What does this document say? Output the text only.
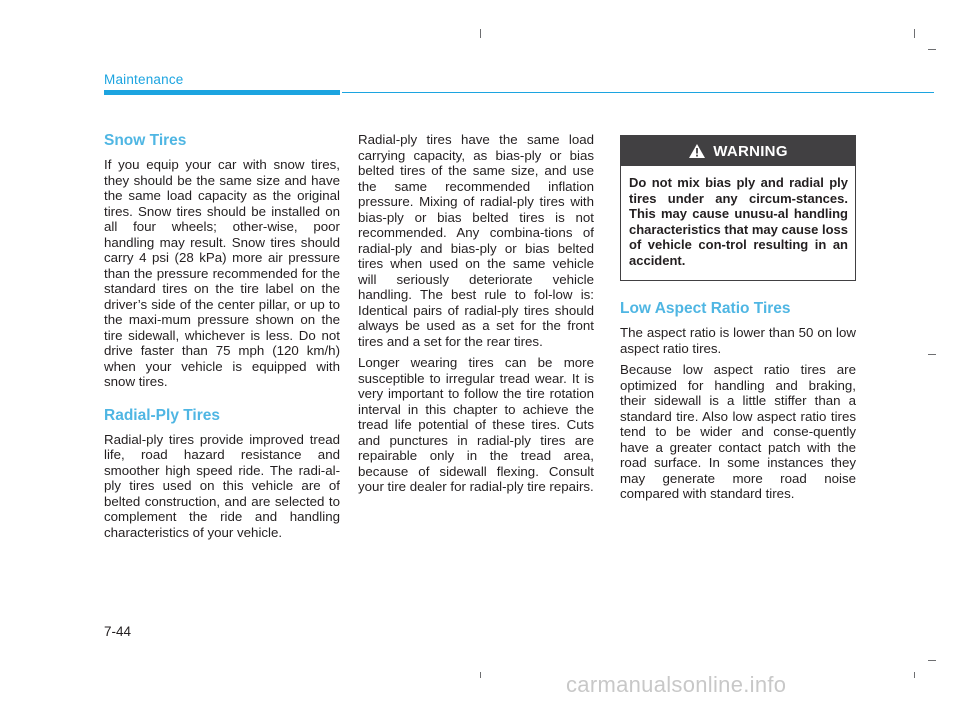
Maintenance
Snow Tires

If you equip your car with snow tires, they should be the same size and have the same load capacity as the original tires. Snow tires should be installed on all four wheels; other-wise, poor handling may result. Snow tires should carry 4 psi (28 kPa) more air pressure than the pressure recommended for the standard tires on the tire label on the driver’s side of the center pillar, or up to the maxi-mum pressure shown on the tire sidewall, whichever is less. Do not drive faster than 75 mph (120 km/h) when your vehicle is equipped with snow tires.

Radial-Ply Tires

Radial-ply tires provide improved tread life, road hazard resistance and smoother high speed ride. The radi-al-ply tires used on this vehicle are of belted construction, and are selected to complement the ride and handling characteristics of your vehicle.

Radial-ply tires have the same load carrying capacity, as bias-ply or bias belted tires of the same size, and use the same recommended inflation pressure. Mixing of radial-ply tires with bias-ply or bias belted tires is not recommended. Any combina-tions of radial-ply and bias-ply or bias belted tires when used on the same vehicle will seriously deteriorate vehicle handling. The best rule to fol-low is: Identical pairs of radial-ply tires should always be used as a set for the front tires and a set for the rear tires.

Longer wearing tires can be more susceptible to irregular tread wear. It is very important to follow the tire rotation interval in this chapter to achieve the tread life potential of these tires. Cuts and punctures in radial-ply tires are repairable only in the tread area, because of sidewall flexing. Consult your tire dealer for radial-ply tire repairs.

WARNING
Do not mix bias ply and radial ply tires under any circum-stances. This may cause unusu-al handling characteristics that may cause loss of vehicle con-trol resulting in an accident.
Low Aspect Ratio Tires

The aspect ratio is lower than 50 on low aspect ratio tires.

Because low aspect ratio tires are optimized for handling and braking, their sidewall is a little stiffer than a standard tire. Also low aspect ratio tires tend to be wider and conse-quently have a greater contact patch with the road surface. In some instances they may generate more road noise compared with standard tires.

7-44
carmanualsonline.info
